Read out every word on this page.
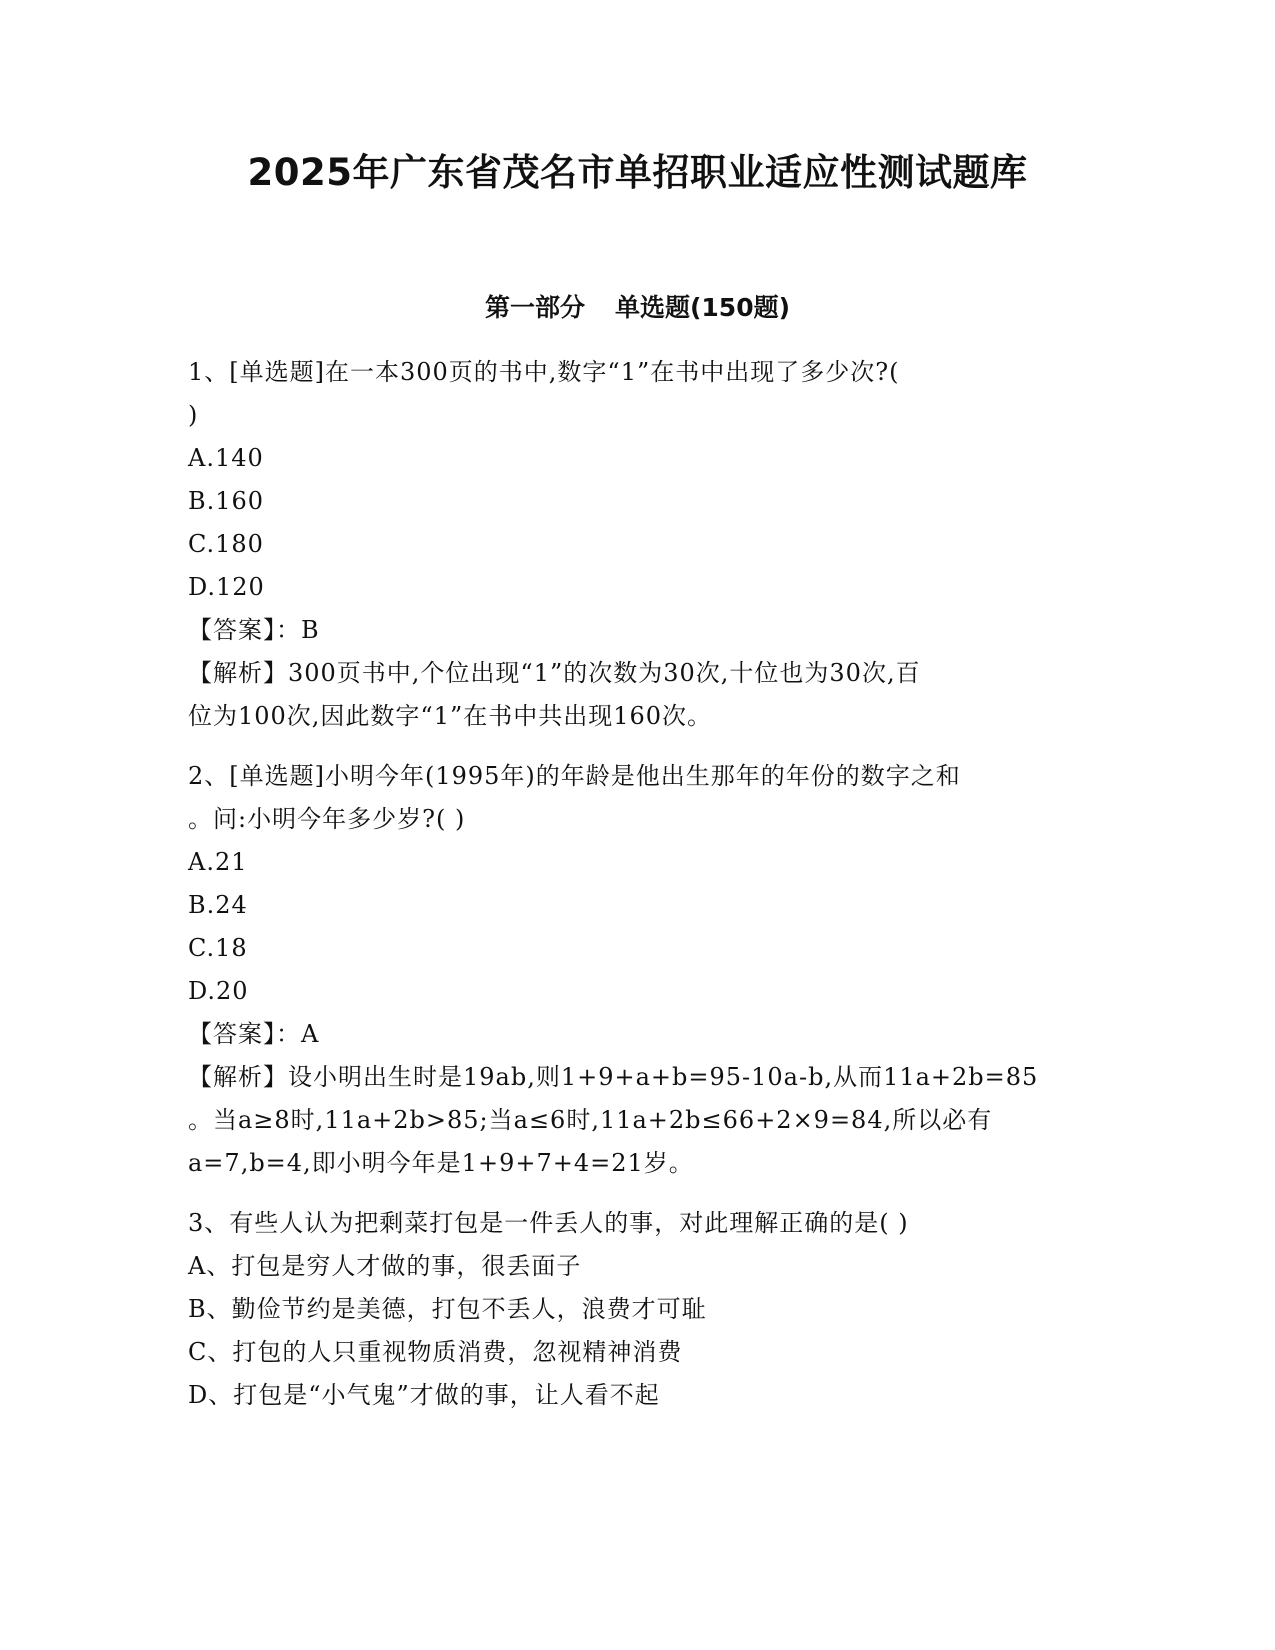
2025年广东省茂名市单招职业适应性测试题库
第一部分 单选题(150题)
1、[单选题]在一本300页的书中,数字“1”在书中出现了多少次?(
)
A.140
B.160
C.180
D.120
【答案】：B
【解析】300页书中,个位出现“1”的次数为30次,十位也为30次,百
位为100次,因此数字“1”在书中共出现160次。
2、[单选题]小明今年(1995年)的年龄是他出生那年的年份的数字之和
。问:小明今年多少岁?( )
A.21
B.24
C.18
D.20
【答案】：A
【解析】设小明出生时是19ab,则1+9+a+b=95-10a-b,从而11a+2b=85
。当a≥8时,11a+2b>85;当a≤6时,11a+2b≤66+2×9=84,所以必有
a=7,b=4,即小明今年是1+9+7+4=21岁。
3、有些人认为把剩菜打包是一件丢人的事，对此理解正确的是( )
A、打包是穷人才做的事，很丢面子
B、勤俭节约是美德，打包不丢人，浪费才可耻
C、打包的人只重视物质消费，忽视精神消费
D、打包是“小气鬼”才做的事，让人看不起
